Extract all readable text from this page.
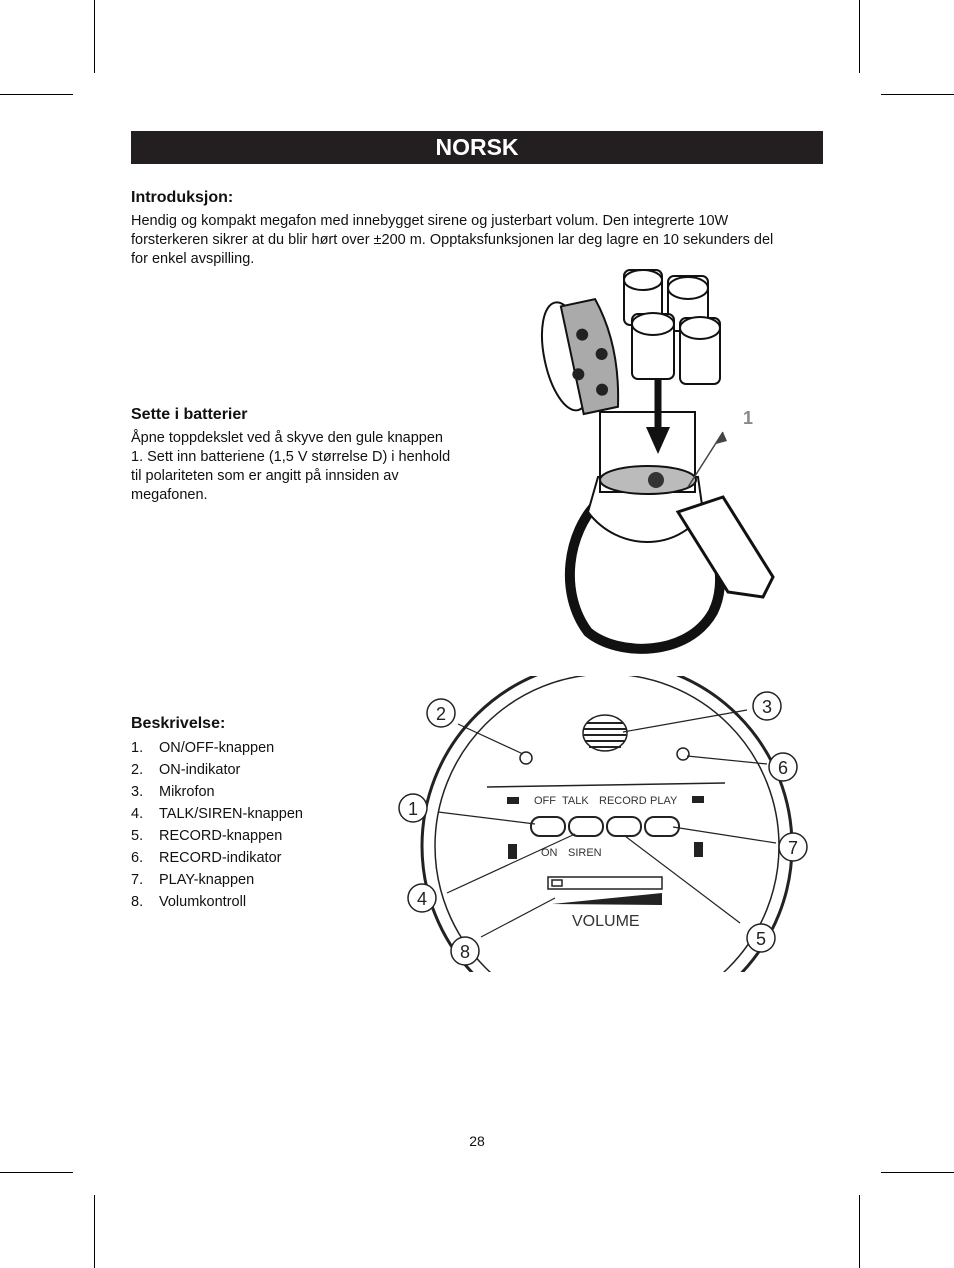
NORSK
Introduksjon:

Hendig og kompakt megafon med innebygget sirene og justerbart volum. Den integrerte 10W

forsterkeren sikrer at du blir hørt over ±200 m. Opptaksfunksjonen lar deg lagre en 10 sekunders del

for enkel avspilling.

Sette i batterier

Åpne toppdekslet ved å skyve den gule knappen

1. Sett inn batteriene (1,5 V størrelse D) i henhold

til polariteten som er angitt på innsiden av

megafonen.

1
Beskrivelse:
1.	ON/OFF-knappen
2.	ON-indikator
3.	Mikrofon
4.	TALK/SIREN-knappen
5.	RECORD-knappen
6.	RECORD-indikator
7.	PLAY-knappen
8.	Volumkontroll
OFF TALK RECORD PLAY
ON SIREN
VOLUME
1
2	3
4
5
6
7
8
28
